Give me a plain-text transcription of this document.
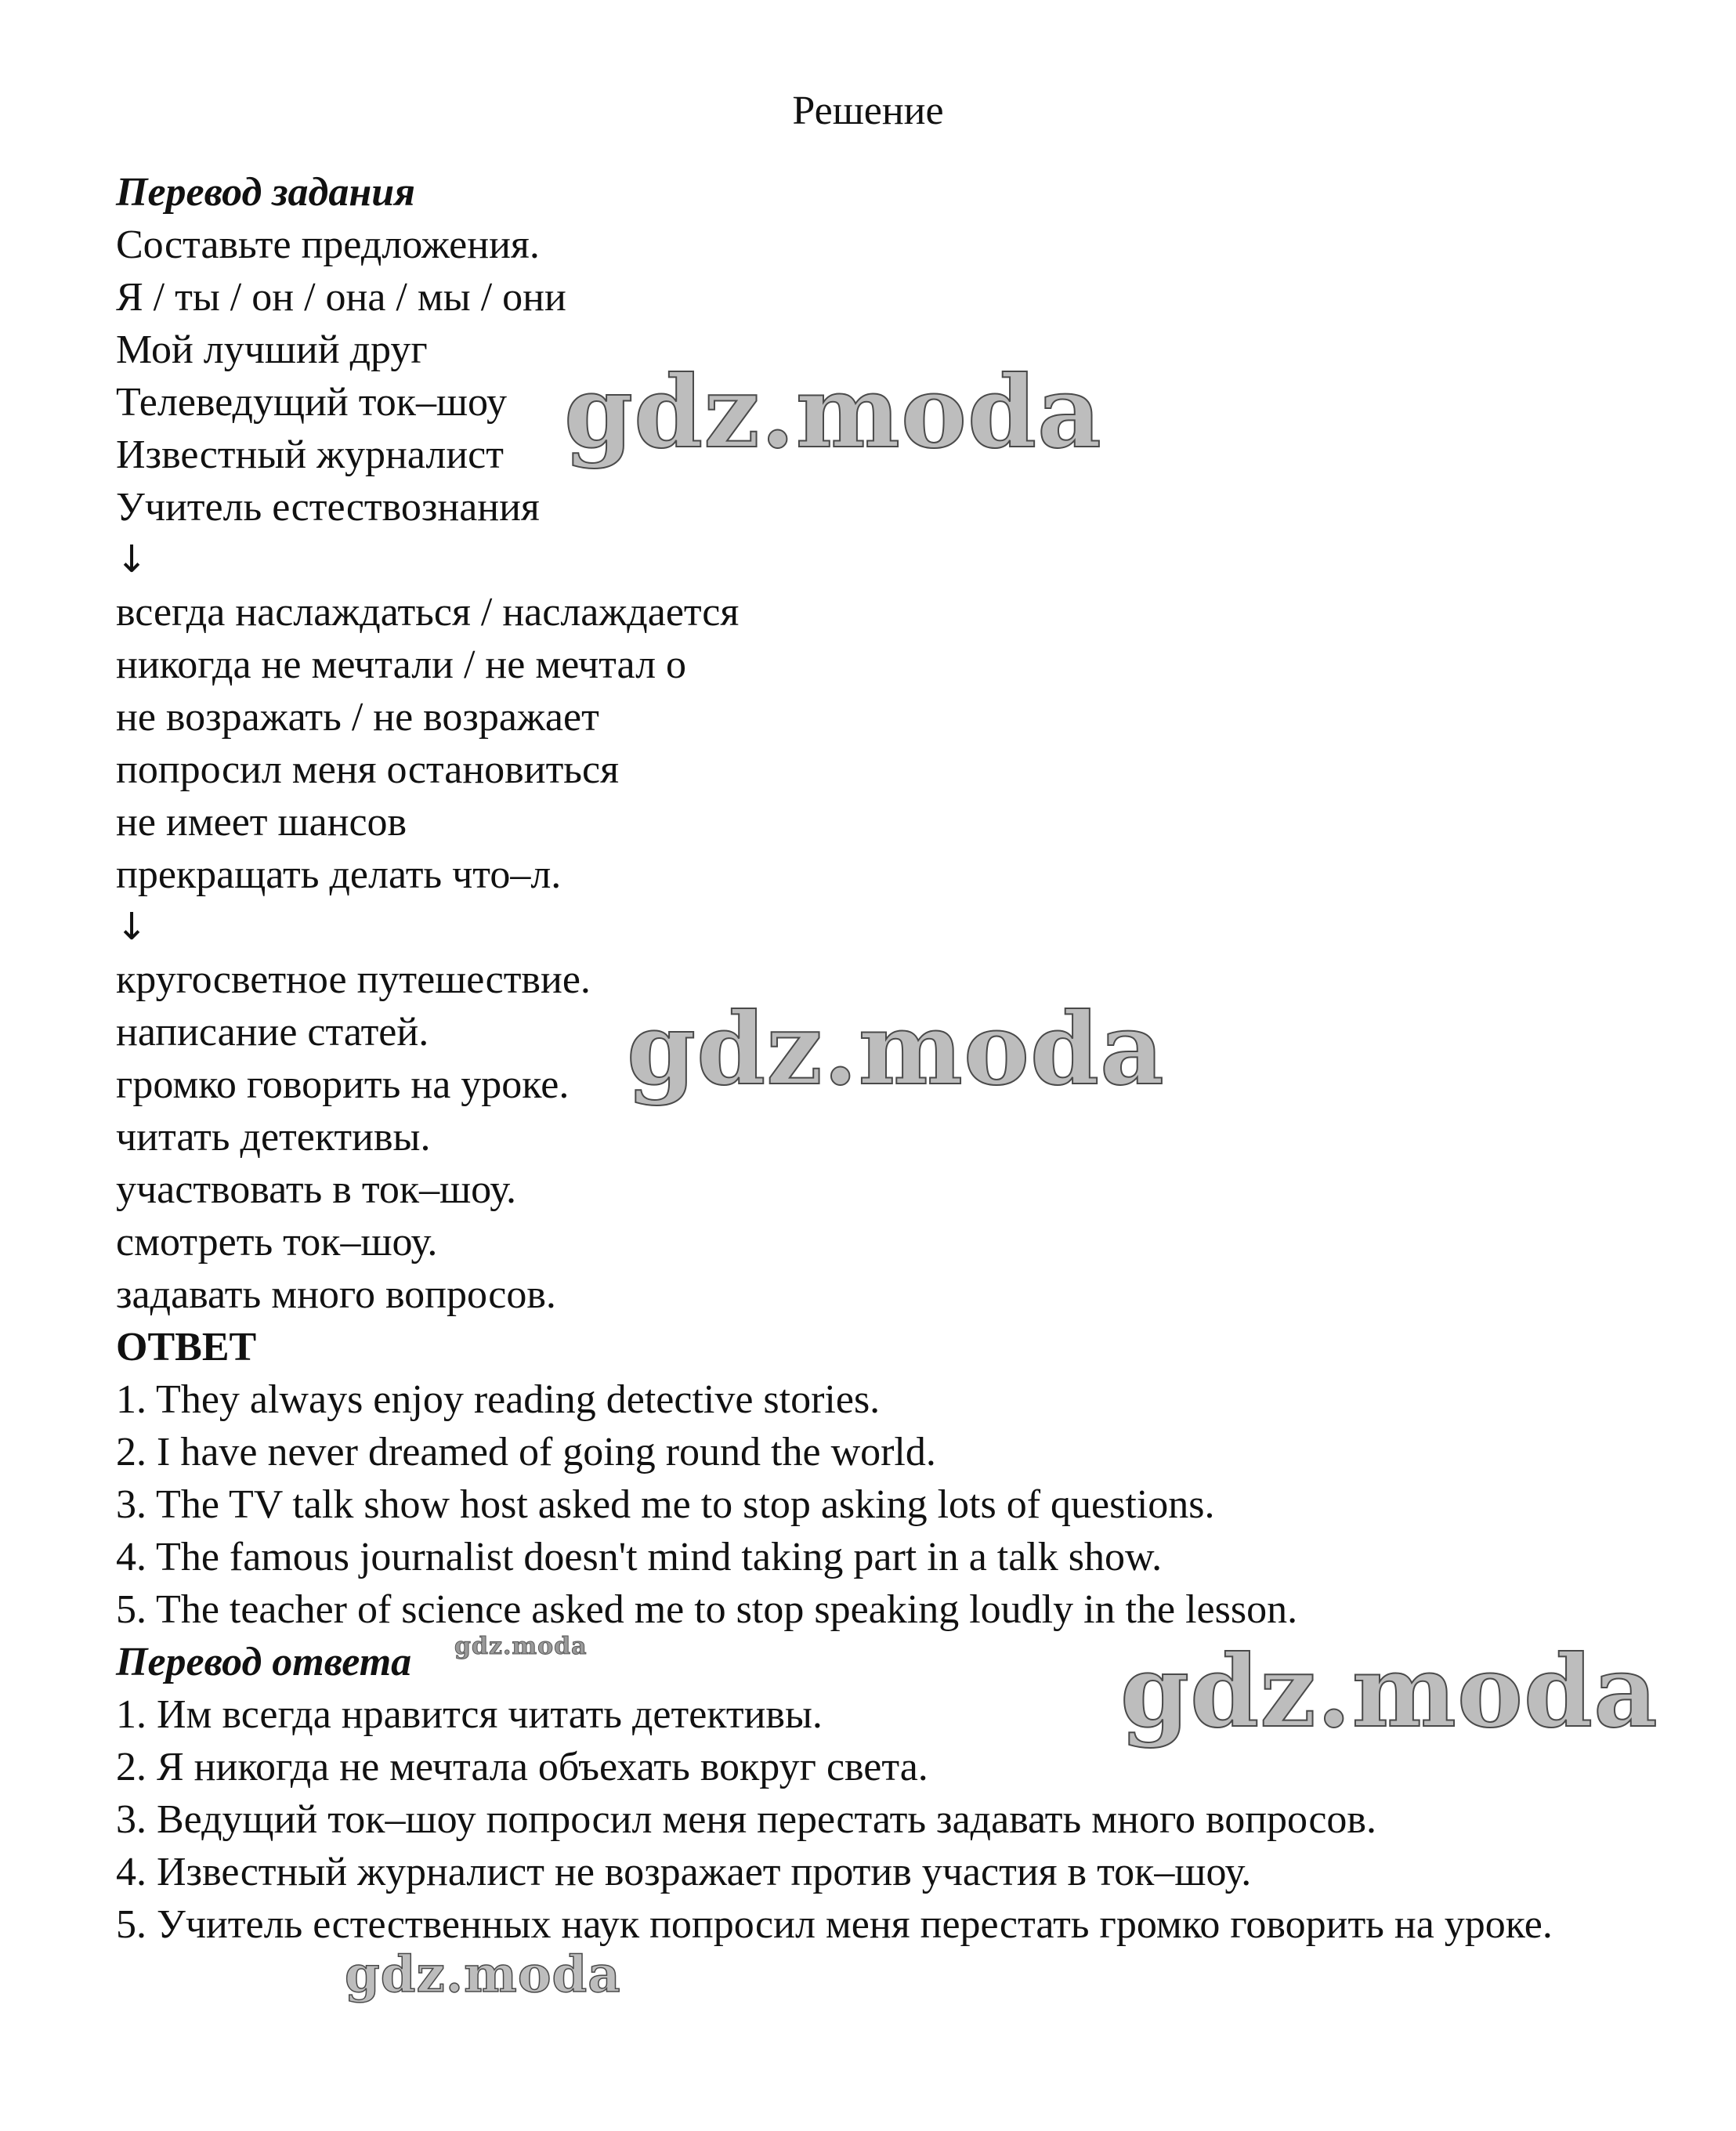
Решение
Перевод задания
Составьте предложения.
Я / ты / он / она / мы / они
Мой лучший друг
Телеведущий ток–шоу
Известный журналист
Учитель естествознания
↓
всегда наслаждаться / наслаждается
никогда не мечтали / не мечтал о
не возражать / не возражает
попросил меня остановиться
не имеет шансов
прекращать делать что–л.
↓
кругосветное путешествие.
написание статей.
громко говорить на уроке.
читать детективы.
участвовать в ток–шоу.
смотреть ток–шоу.
задавать много вопросов.
ОТВЕТ
1. They always enjoy reading detective stories.
2. I have never dreamed of going round the world.
3. The TV talk show host asked me to stop asking lots of questions.
4. The famous journalist doesn't mind taking part in a talk show.
5. The teacher of science asked me to stop speaking loudly in the lesson.
Перевод ответа
1. Им всегда нравится читать детективы.
2. Я никогда не мечтала объехать вокруг света.
3. Ведущий ток–шоу попросил меня перестать задавать много вопросов.
4. Известный журналист не возражает против участия в ток–шоу.
5. Учитель естественных наук попросил меня перестать громко говорить на уроке.
gdz.moda
gdz.moda
gdz.moda
gdz.moda
gdz.moda
